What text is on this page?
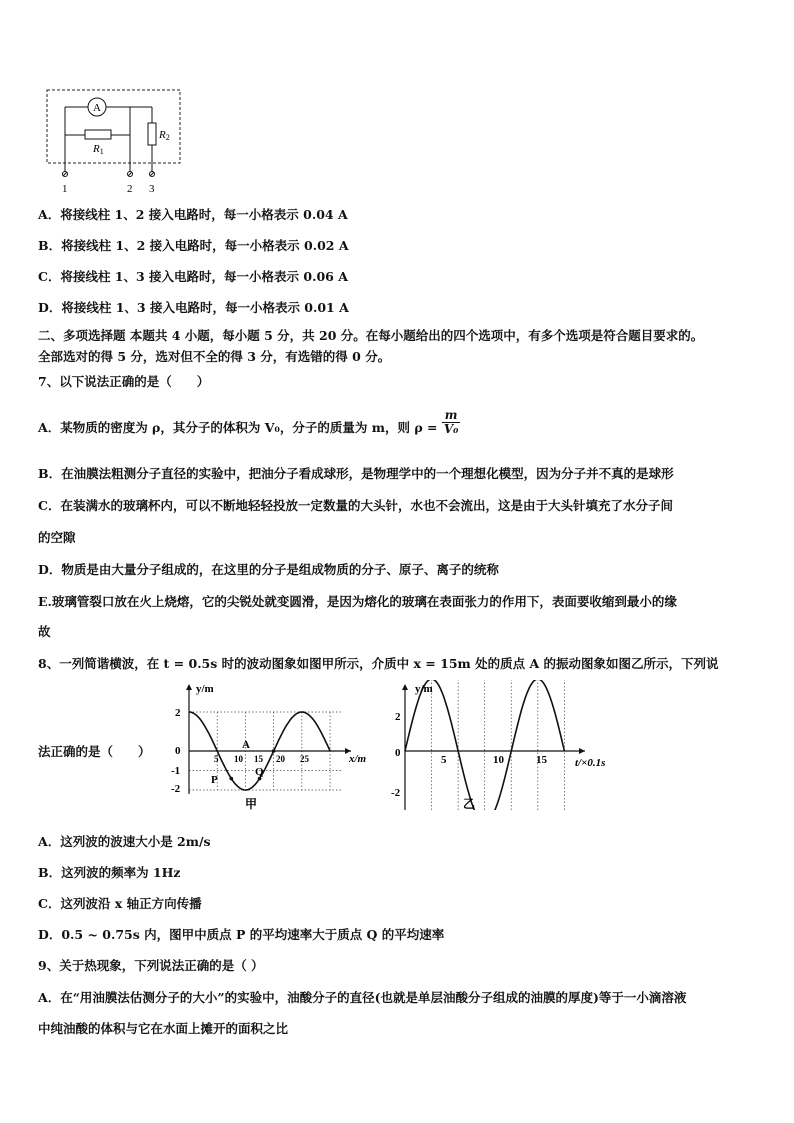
A
R1
R2
1	2 3
A．将接线柱 1、2 接入电路时，每一小格表示 0.04 A
B．将接线柱 1、2 接入电路时，每一小格表示 0.02 A
C．将接线柱 1、3 接入电路时，每一小格表示 0.06 A
D．将接线柱 1、3 接入电路时，每一小格表示 0.01 A
二、多项选择题 本题共 4 小题，每小题 5 分，共 20 分。在每小题给出的四个选项中，有多个选项是符合题目要求的。
全部选对的得 5 分，选对但不全的得 3 分，有选错的得 0 分。
7、以下说法正确的是（　　）
A．某物质的密度为 ρ，其分子的体积为 V₀，分子的质量为 m，则 $\rho = \frac{m}{\text{V₀}}$
B．在油膜法粗测分子直径的实验中，把油分子看成球形，是物理学中的一个理想化模型，因为分子并不真的是球形
C．在装满水的玻璃杯内，可以不断地轻轻投放一定数量的大头针，水也不会流出，这是由于大头针填充了水分子间
的空隙
D．物质是由大量分子组成的，在这里的分子是组成物质的分子、原子、离子的统称
E.玻璃管裂口放在火上烧熔，它的尖锐处就变圆滑，是因为熔化的玻璃在表面张力的作用下，表面要收缩到最小的缘
故
8、一列简谐横波，在 t = 0.5s 时的波动图象如图甲所示，介质中 x = 15m 处的质点 A 的振动图象如图乙所示，下列说
法正确的是（　　）
y/m
x/m
2
0
-1
-2
5 10 15 20 25
A
P
Q
甲
y/m
t/×0.1s
2
0
-2
5	10	15
乙
A．这列波的波速大小是 2m/s
B．这列波的频率为 1Hz
C．这列波沿 x 轴正方向传播
D．0.5 ~ 0.75s 内，图甲中质点 P 的平均速率大于质点 Q 的平均速率
9、关于热现象，下列说法正确的是（ ）
A．在“用油膜法估测分子的大小”的实验中，油酸分子的直径(也就是单层油酸分子组成的油膜的厚度)等于一小滴溶液
中纯油酸的体积与它在水面上摊开的面积之比
